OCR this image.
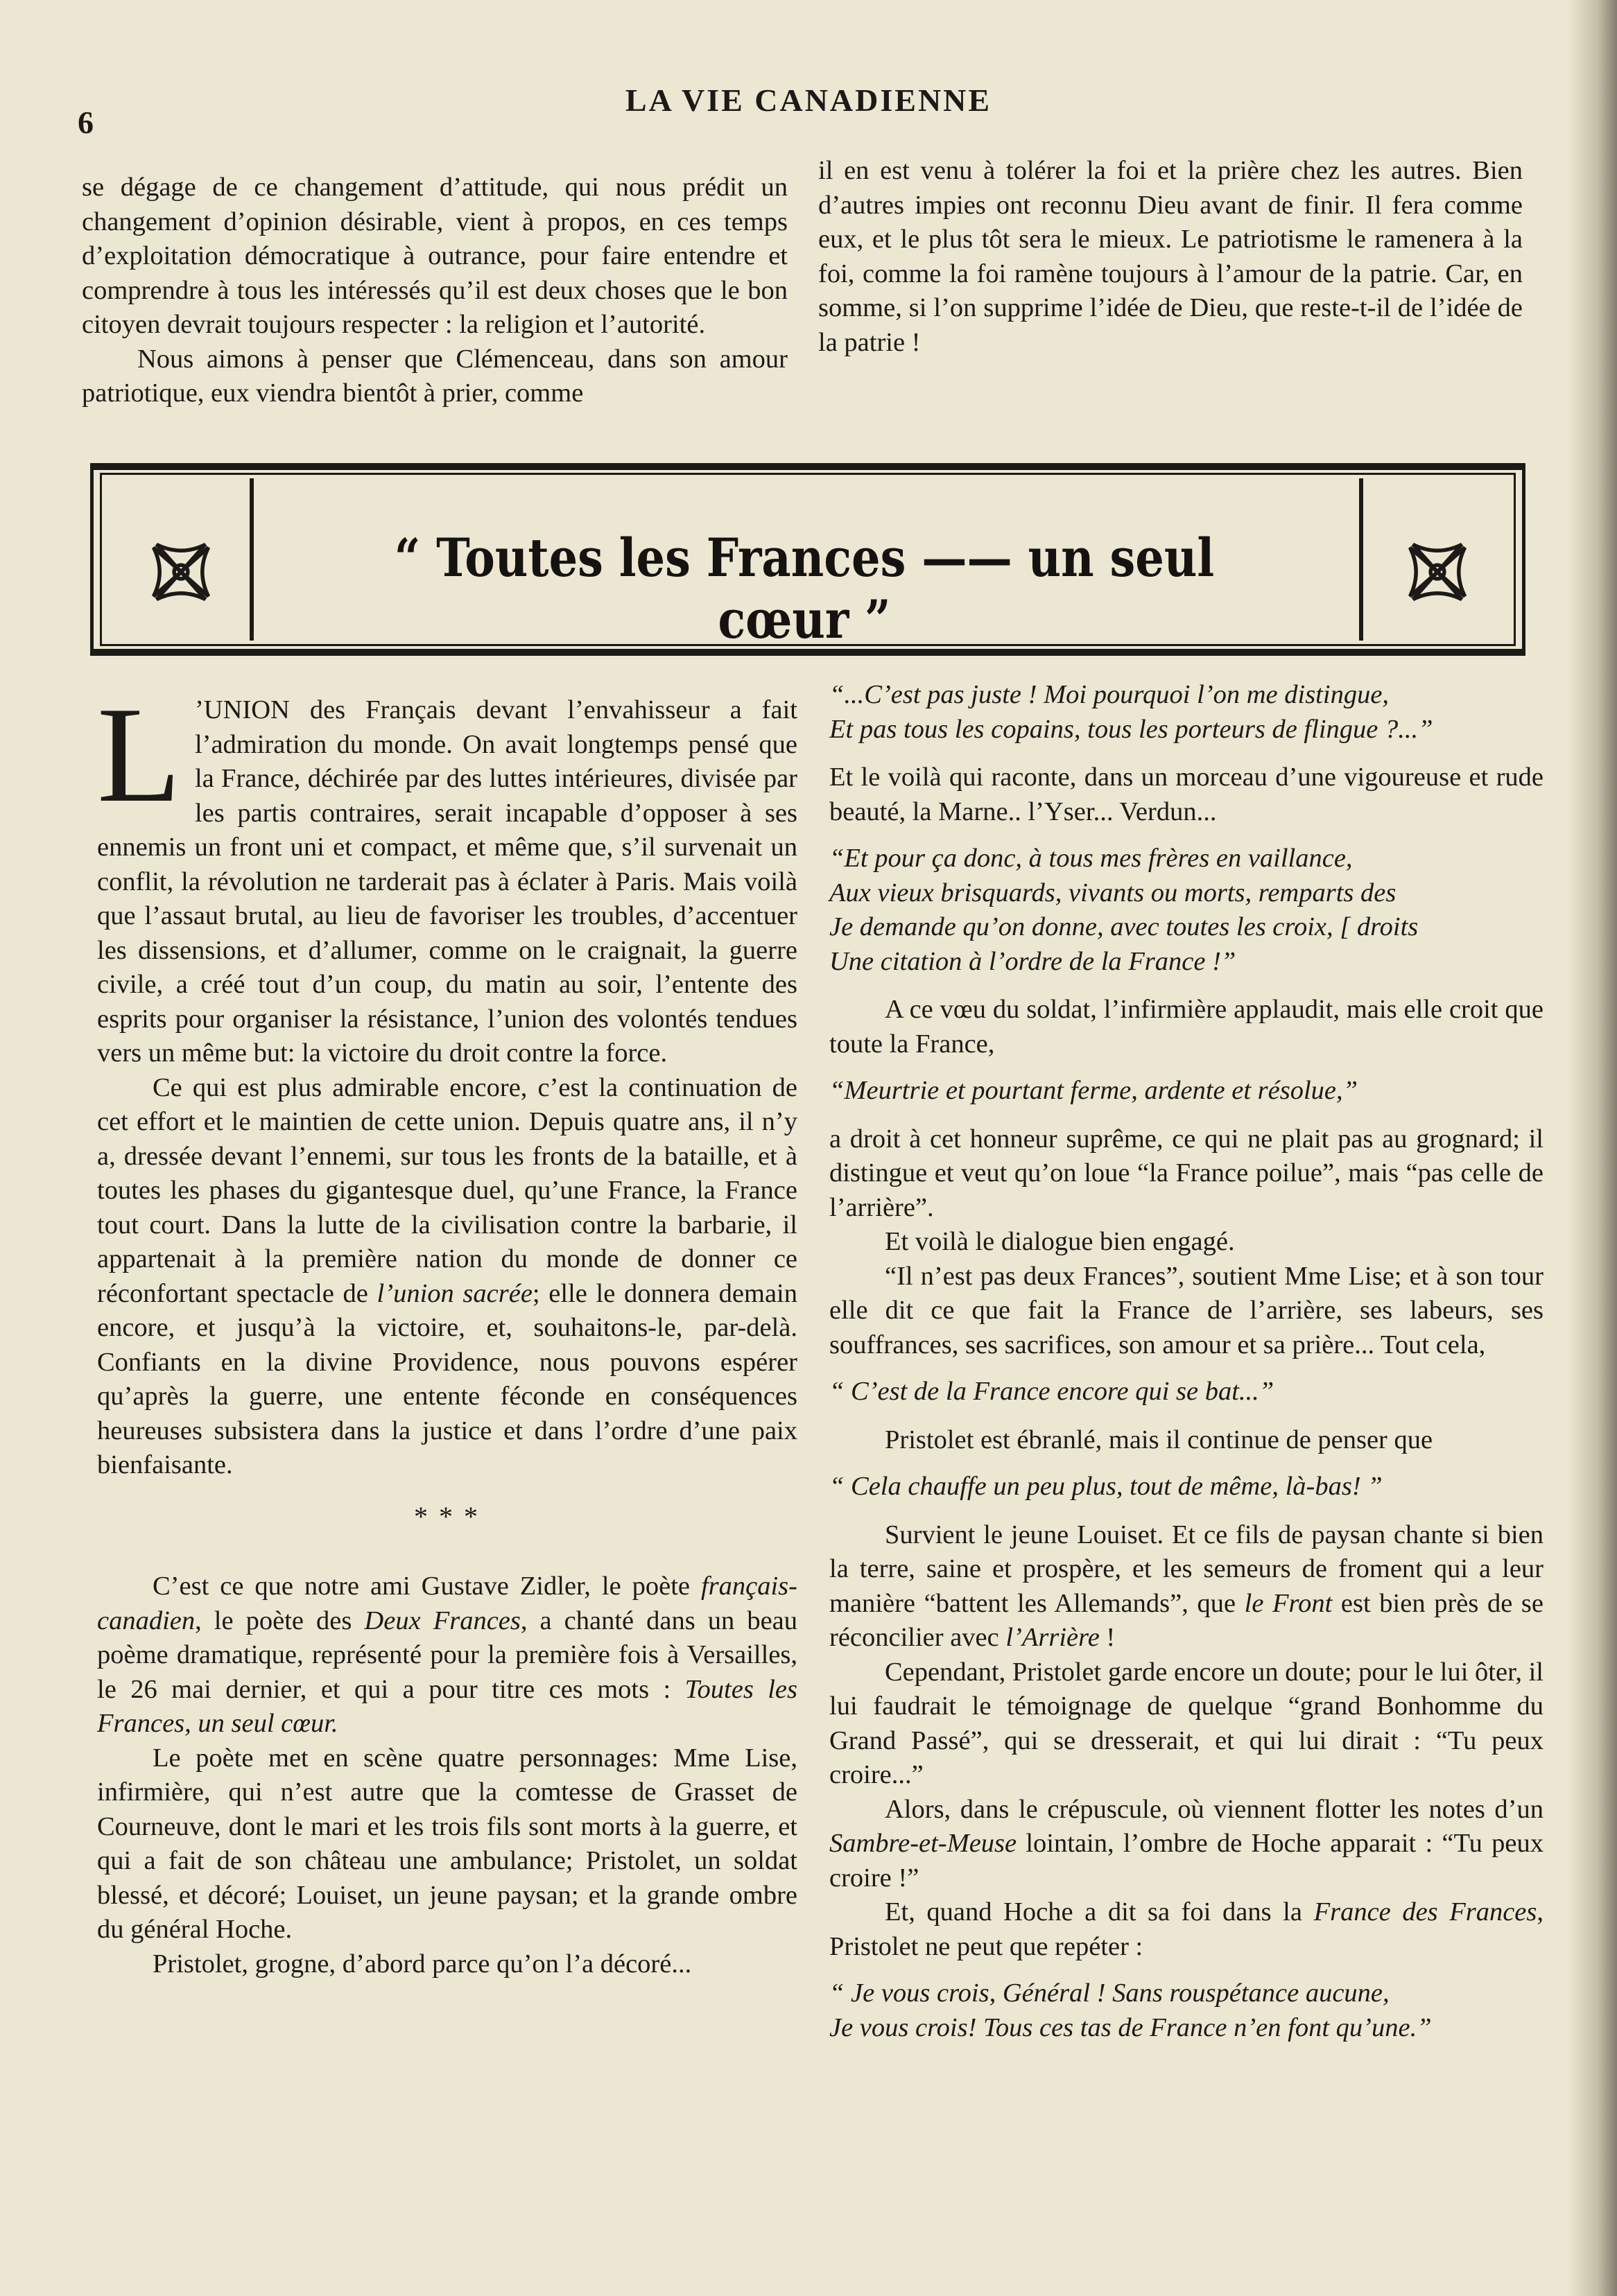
6
LA VIE CANADIENNE

se dégage de ce changement d’attitude, qui nous prédit un changement d’opinion désirable, vient à propos, en ces temps d’exploitation démocratique à outrance, pour faire entendre et comprendre à tous les intéressés qu’il est deux choses que le bon citoyen devrait toujours respecter : la religion et l’autorité.

Nous aimons à penser que Clémenceau, dans son amour patriotique, eux viendra bientôt à prier, comme

il en est venu à tolérer la foi et la prière chez les autres. Bien d’autres impies ont reconnu Dieu avant de finir. Il fera comme eux, et le plus tôt sera le mieux. Le patriotisme le ramenera à la foi, comme la foi ramène toujours à l’amour de la patrie. Car, en somme, si l’on supprime l’idée de Dieu, que reste-t-il de l’idée de la patrie !

“ Toutes les Frances —— un seul cœur ”

L ’UNION des Français devant l’envahisseur a fait l’admiration du monde. On avait longtemps pensé que la France, déchirée par des luttes intérieures, divisée par les partis contraires, serait incapable d’opposer à ses ennemis un front uni et compact, et même que, s’il survenait un conflit, la révolution ne tarderait pas à éclater à Paris. Mais voilà que l’assaut brutal, au lieu de favoriser les troubles, d’accentuer les dissensions, et d’allumer, comme on le craignait, la guerre civile, a créé tout d’un coup, du matin au soir, l’entente des esprits pour organiser la résistance, l’union des volontés tendues vers un même but: la victoire du droit contre la force.

Ce qui est plus admirable encore, c’est la continuation de cet effort et le maintien de cette union. Depuis quatre ans, il n’y a, dressée devant l’ennemi, sur tous les fronts de la bataille, et à toutes les phases du gigantesque duel, qu’une France, la France tout court. Dans la lutte de la civilisation contre la barbarie, il appartenait à la première nation du monde de donner ce réconfortant spectacle de l’union sacrée; elle le donnera demain encore, et jusqu’à la victoire, et, souhaitons-le, par-delà. Confiants en la divine Providence, nous pouvons espérer qu’après la guerre, une entente féconde en conséquences heureuses subsistera dans la justice et dans l’ordre d’une paix bienfaisante.

* * *

C’est ce que notre ami Gustave Zidler, le poète français-canadien, le poète des Deux Frances, a chanté dans un beau poème dramatique, représenté pour la première fois à Versailles, le 26 mai dernier, et qui a pour titre ces mots : Toutes les Frances, un seul cœur.

Le poète met en scène quatre personnages: Mme Lise, infirmière, qui n’est autre que la comtesse de Grasset de Courneuve, dont le mari et les trois fils sont morts à la guerre, et qui a fait de son château une ambulance; Pristolet, un soldat blessé, et décoré; Louiset, un jeune paysan; et la grande ombre du général Hoche.

Pristolet, grogne, d’abord parce qu’on l’a décoré...

“...C’est pas juste ! Moi pourquoi l’on me distingue,
Et pas tous les copains, tous les porteurs de flingue ?...”

Et le voilà qui raconte, dans un morceau d’une vigoureuse et rude beauté, la Marne.. l’Yser... Verdun...

“Et pour ça donc, à tous mes frères en vaillance,
Aux vieux brisquards, vivants ou morts, remparts des
Je demande qu’on donne, avec toutes les croix, [ droits
Une citation à l’ordre de la France !”

A ce vœu du soldat, l’infirmière applaudit, mais elle croit que toute la France,

“Meurtrie et pourtant ferme, ardente et résolue,”

a droit à cet honneur suprême, ce qui ne plait pas au grognard; il distingue et veut qu’on loue “la France poilue”, mais “pas celle de l’arrière”.

Et voilà le dialogue bien engagé.

“Il n’est pas deux Frances”, soutient Mme Lise; et à son tour elle dit ce que fait la France de l’arrière, ses labeurs, ses souffrances, ses sacrifices, son amour et sa prière... Tout cela,

“ C’est de la France encore qui se bat...”

Pristolet est ébranlé, mais il continue de penser que

“ Cela chauffe un peu plus, tout de même, là-bas! ”

Survient le jeune Louiset. Et ce fils de paysan chante si bien la terre, saine et prospère, et les semeurs de froment qui a leur manière “battent les Allemands”, que le Front est bien près de se réconcilier avec l’Arrière !

Cependant, Pristolet garde encore un doute; pour le lui ôter, il lui faudrait le témoignage de quelque “grand Bonhomme du Grand Passé”, qui se dresserait, et qui lui dirait : “Tu peux croire...”

Alors, dans le crépuscule, où viennent flotter les notes d’un Sambre-et-Meuse lointain, l’ombre de Hoche apparait : “Tu peux croire !”

Et, quand Hoche a dit sa foi dans la France des Frances, Pristolet ne peut que repéter :

“ Je vous crois, Général ! Sans rouspétance aucune,
Je vous crois! Tous ces tas de France n’en font qu’une.”
